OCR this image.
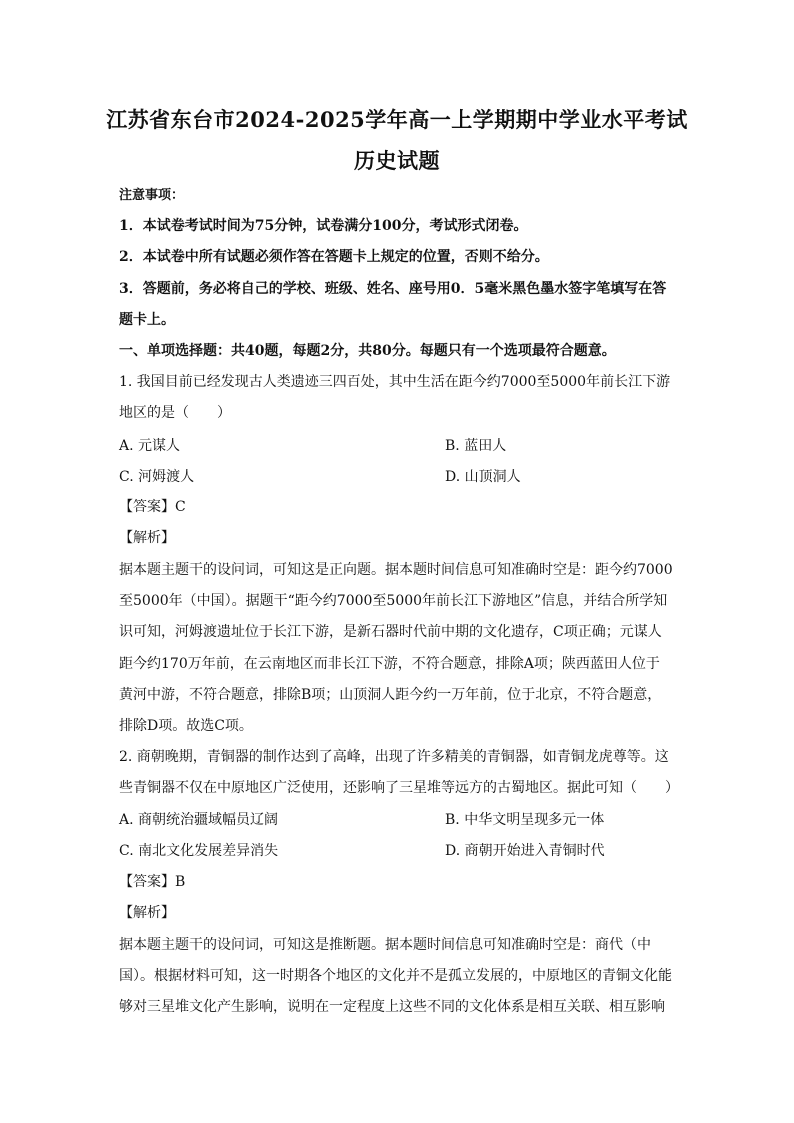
江苏省东台市2024-2025学年高一上学期期中学业水平考试
历史试题
注意事项：
1．本试卷考试时间为75分钟，试卷满分100分，考试形式闭卷。
2．本试卷中所有试题必须作答在答题卡上规定的位置，否则不给分。
3．答题前，务必将自己的学校、班级、姓名、座号用0．5毫米黑色墨水签字笔填写在答
题卡上。
一、单项选择题：共40题，每题2分，共80分。每题只有一个选项最符合题意。
1. 我国目前已经发现古人类遗迹三四百处，其中生活在距今约7000至5000年前长江下游
地区的是（　　）
A. 元谋人	B. 蓝田人
C. 河姆渡人	D. 山顶洞人
【答案】C
【解析】
据本题主题干的设问词，可知这是正向题。据本题时间信息可知准确时空是：距今约7000
至5000年（中国）。据题干“距今约7000至5000年前长江下游地区”信息，并结合所学知
识可知，河姆渡遗址位于长江下游，是新石器时代前中期的文化遗存，C项正确；元谋人
距今约170万年前，在云南地区而非长江下游，不符合题意，排除A项；陕西蓝田人位于
黄河中游，不符合题意，排除B项；山顶洞人距今约一万年前，位于北京，不符合题意，
排除D项。故选C项。
2. 商朝晚期，青铜器的制作达到了高峰，出现了许多精美的青铜器，如青铜龙虎尊等。这
些青铜器不仅在中原地区广泛使用，还影响了三星堆等远方的古蜀地区。据此可知（　　）
A. 商朝统治疆域幅员辽阔	B. 中华文明呈现多元一体
C. 南北文化发展差异消失	D. 商朝开始进入青铜时代
【答案】B
【解析】
据本题主题干的设问词，可知这是推断题。据本题时间信息可知准确时空是：商代（中
国）。根据材料可知，这一时期各个地区的文化并不是孤立发展的，中原地区的青铜文化能
够对三星堆文化产生影响，说明在一定程度上这些不同的文化体系是相互关联、相互影响
